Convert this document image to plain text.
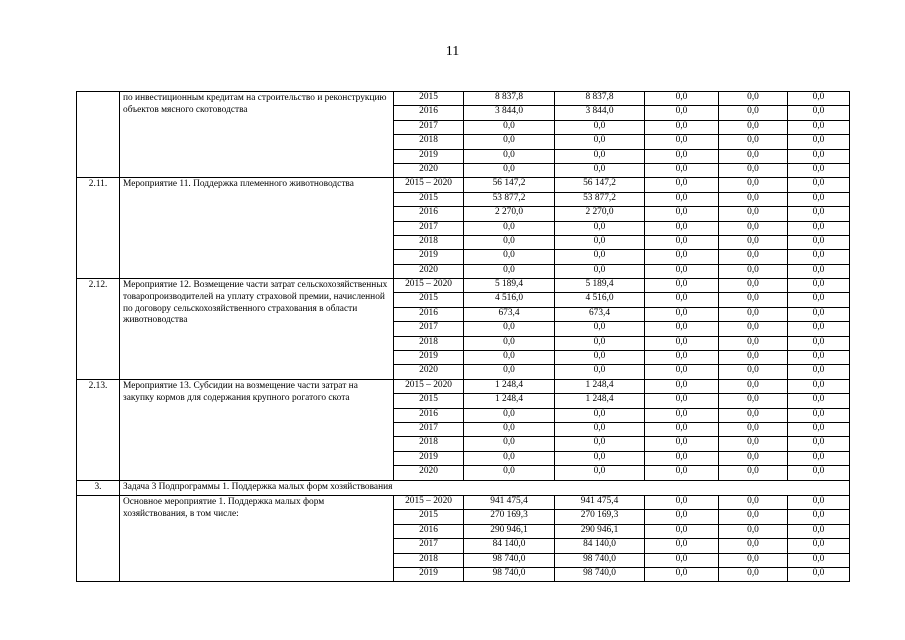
11
	по инвестиционным кредитам на строительство и реконструкцию объектов мясного скотоводства	2015	8 837,8	8 837,8	0,0	0,0	0,0
		2016	3 844,0	3 844,0	0,0	0,0	0,0
		2017	0,0	0,0	0,0	0,0	0,0
		2018	0,0	0,0	0,0	0,0	0,0
		2019	0,0	0,0	0,0	0,0	0,0
		2020	0,0	0,0	0,0	0,0	0,0
2.11.	Мероприятие 11. Поддержка племенного животноводства	2015 – 2020	56 147,2	56 147,2	0,0	0,0	0,0
		2015	53 877,2	53 877,2	0,0	0,0	0,0
		2016	2 270,0	2 270,0	0,0	0,0	0,0
		2017	0,0	0,0	0,0	0,0	0,0
		2018	0,0	0,0	0,0	0,0	0,0
		2019	0,0	0,0	0,0	0,0	0,0
		2020	0,0	0,0	0,0	0,0	0,0
2.12.	Мероприятие 12. Возмещение части затрат сельскохозяйственных товаропроизводителей на уплату страховой премии, начисленной по договору сельскохозяйственного страхования в области животноводства	2015 – 2020	5 189,4	5 189,4	0,0	0,0	0,0
		2015	4 516,0	4 516,0	0,0	0,0	0,0
		2016	673,4	673,4	0,0	0,0	0,0
		2017	0,0	0,0	0,0	0,0	0,0
		2018	0,0	0,0	0,0	0,0	0,0
		2019	0,0	0,0	0,0	0,0	0,0
		2020	0,0	0,0	0,0	0,0	0,0
2.13.	Мероприятие 13. Субсидии на возмещение части затрат на закупку кормов для содержания крупного рогатого скота	2015 – 2020	1 248,4	1 248,4	0,0	0,0	0,0
		2015	1 248,4	1 248,4	0,0	0,0	0,0
		2016	0,0	0,0	0,0	0,0	0,0
		2017	0,0	0,0	0,0	0,0	0,0
		2018	0,0	0,0	0,0	0,0	0,0
		2019	0,0	0,0	0,0	0,0	0,0
		2020	0,0	0,0	0,0	0,0	0,0
3.	Задача 3 Подпрограммы 1. Поддержка малых форм хозяйствования						
	Основное мероприятие 1. Поддержка малых форм хозяйствования, в том числе:	2015 – 2020	941 475,4	941 475,4	0,0	0,0	0,0
		2015	270 169,3	270 169,3	0,0	0,0	0,0
		2016	290 946,1	290 946,1	0,0	0,0	0,0
		2017	84 140,0	84 140,0	0,0	0,0	0,0
		2018	98 740,0	98 740,0	0,0	0,0	0,0
		2019	98 740,0	98 740,0	0,0	0,0	0,0
